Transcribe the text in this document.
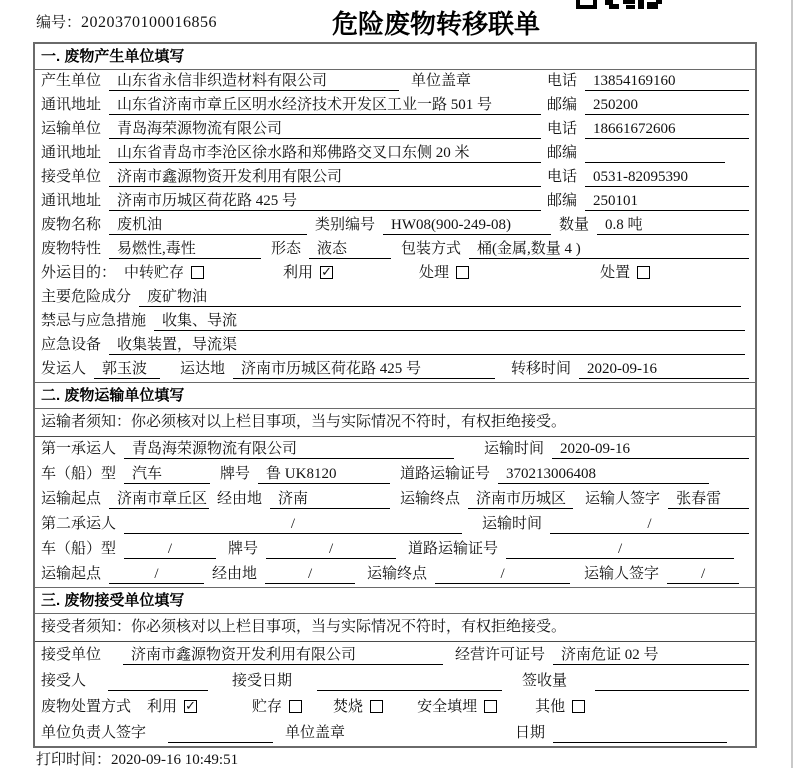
编号：2020370100016856	危险废物转移联单
一. 废物产生单位填写
产生单位	山东省永信非织造材料有限公司	单位盖章	电话	13854169160
通讯地址	山东省济南市章丘区明水经济技术开发区工业一路 501 号	邮编	250200
运输单位	青岛海荣源物流有限公司	电话	18661672606
通讯地址	山东省青岛市李沧区徐水路和郑佛路交叉口东侧 20 米	邮编
接受单位	济南市鑫源物资开发利用有限公司	电话	0531-82095390
通讯地址	济南市历城区荷花路 425 号	邮编	250101
废物名称	废机油	类别编号	HW08(900-249-08)	数量	0.8 吨
废物特性	易燃性,毒性	形态	液态	包装方式	桶(金属,数量 4 )
外运目的： 中转贮存	利用 ✓	处理	处置
主要危险成分	废矿物油
禁忌与应急措施	收集、导流
应急设备	收集装置，导流渠
发运人	郭玉波	运达地	济南市历城区荷花路 425 号	转移时间	2020-09-16
二. 废物运输单位填写
运输者须知：你必须核对以上栏目事项，当与实际情况不符时，有权拒绝接受。
第一承运人	青岛海荣源物流有限公司	运输时间	2020-09-16
车（船）型	汽车	牌号	鲁 UK8120	道路运输证号	370213006408
运输起点	济南市章丘区 经由地	济南	运输终点	济南市历城区	运输人签字	张春雷
第二承运人	/	运输时间	/
车（船）型	/	牌号	/	道路运输证号	/
运输起点	/	经由地	/	运输终点	/	运输人签字	/
三. 废物接受单位填写
接受者须知：你必须核对以上栏目事项，当与实际情况不符时，有权拒绝接受。
接受单位	济南市鑫源物资开发利用有限公司	经营许可证号	济南危证 02 号
接受人	接受日期	签收量
废物处置方式 利用 ✓	贮存	焚烧	安全填埋	其他
单位负责人签字	单位盖章	日期
打印时间：2020-09-16 10:49:51
